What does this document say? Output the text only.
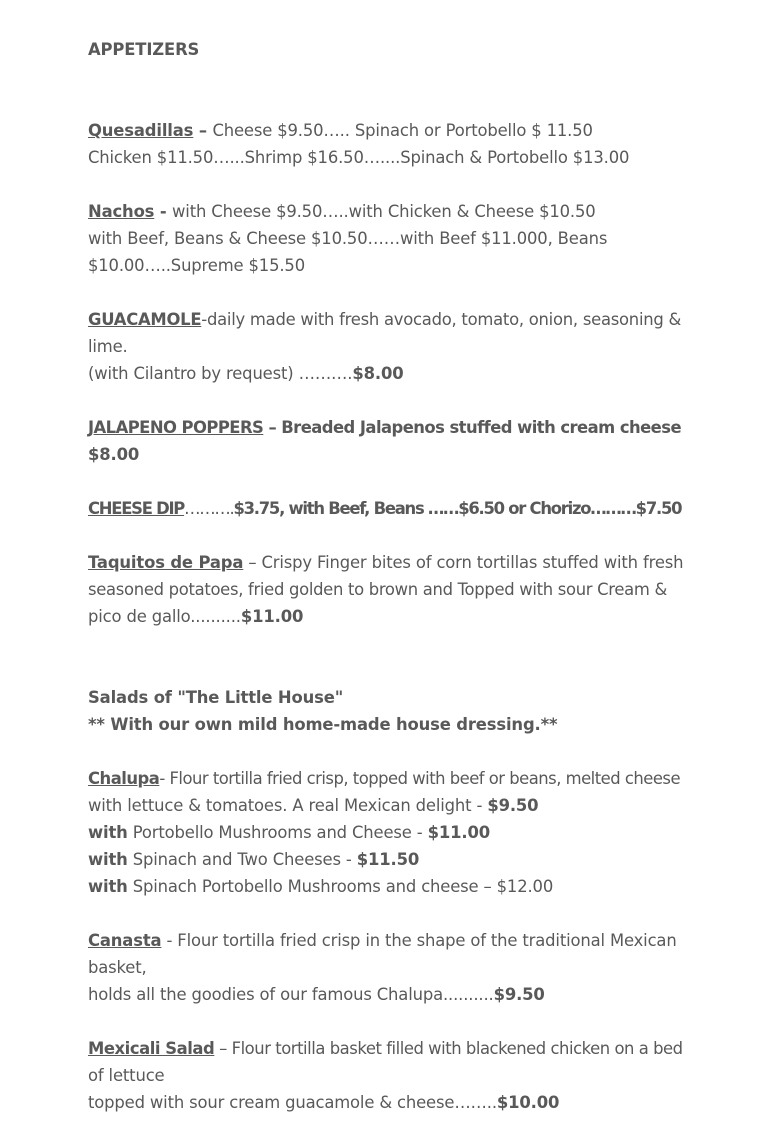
APPETIZERS

Quesadillas – Cheese $9.50….. Spinach or Portobello $ 11.50

Chicken $11.50…...Shrimp $16.50…....Spinach & Portobello $13.00

Nachos - with Cheese $9.50…..with Chicken & Cheese $10.50

with Beef, Beans & Cheese $10.50……with Beef $11.000, Beans

$10.00…..Supreme $15.50

GUACAMOLE-daily made with fresh avocado, tomato, onion, seasoning &

lime.

(with Cilantro by request) ……….$8.00

JALAPENO POPPERS – Breaded Jalapenos stuffed with cream cheese

$8.00

CHEESE DIP……….$3.75, with Beef, Beans ……$6.50 or Chorizo………$7.50

Taquitos de Papa – Crispy Finger bites of corn tortillas stuffed with fresh

seasoned potatoes, fried golden to brown and Topped with sour Cream &

pico de gallo..........$11.00

Salads of "The Little House"

** With our own mild home-made house dressing.**

Chalupa- Flour tortilla fried crisp, topped with beef or beans, melted cheese

with lettuce & tomatoes. A real Mexican delight - $9.50

with Portobello Mushrooms and Cheese - $11.00

with Spinach and Two Cheeses - $11.50

with Spinach Portobello Mushrooms and cheese – $12.00

Canasta - Flour tortilla fried crisp in the shape of the traditional Mexican

basket,

holds all the goodies of our famous Chalupa..........$9.50

Mexicali Salad – Flour tortilla basket filled with blackened chicken on a bed

of lettuce

topped with sour cream guacamole & cheese……..$10.00
